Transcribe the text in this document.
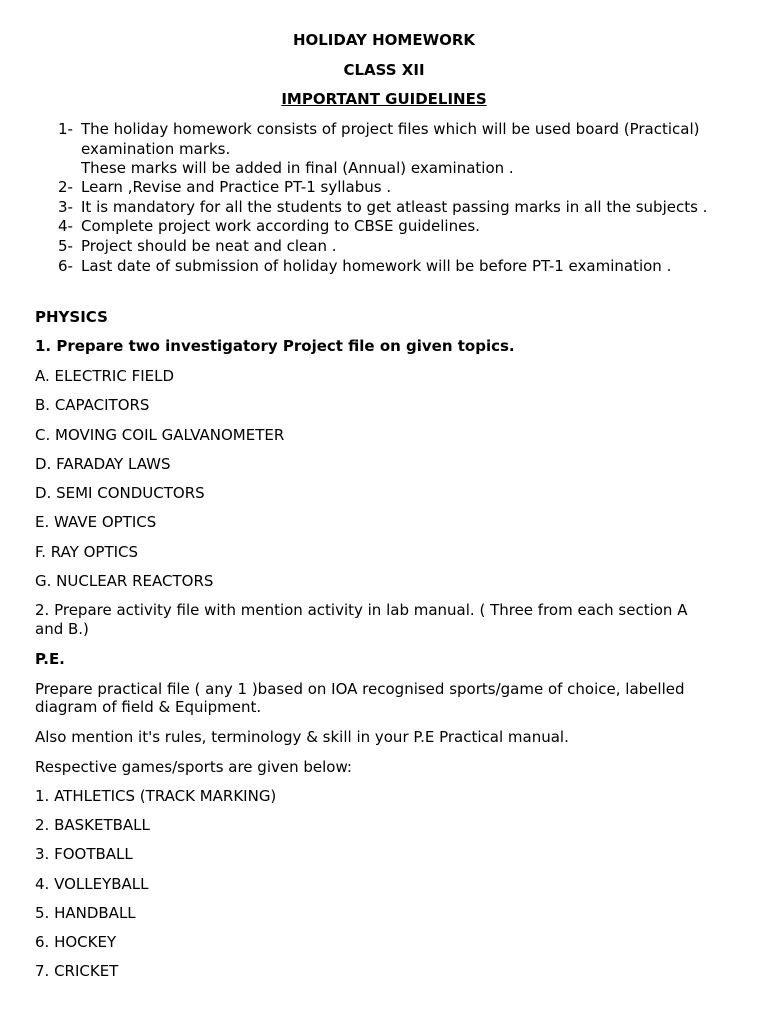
HOLIDAY HOMEWORK
CLASS XII
IMPORTANT GUIDELINES
1- The holiday homework consists of project files which will be used board (Practical)
examination marks.
These marks will be added in final (Annual) examination .
2- Learn ,Revise and Practice PT-1 syllabus .
3- It is mandatory for all the students to get atleast passing marks in all the subjects .
4- Complete project work according to CBSE guidelines.
5- Project should be neat and clean .
6- Last date of submission of holiday homework will be before PT-1 examination .
PHYSICS
1. Prepare two investigatory Project file on given topics.
A. ELECTRIC FIELD
B. CAPACITORS
C. MOVING COIL GALVANOMETER
D. FARADAY LAWS
D. SEMI CONDUCTORS
E. WAVE OPTICS
F. RAY OPTICS
G. NUCLEAR REACTORS
2. Prepare activity file with mention activity in lab manual. ( Three from each section A
and B.)
P.E.
Prepare practical file ( any 1 )based on IOA recognised sports/game of choice, labelled
diagram of field & Equipment.
Also mention it's rules, terminology & skill in your P.E Practical manual.
Respective games/sports are given below:
1. ATHLETICS (TRACK MARKING)
2. BASKETBALL
3. FOOTBALL
4. VOLLEYBALL
5. HANDBALL
6. HOCKEY
7. CRICKET
